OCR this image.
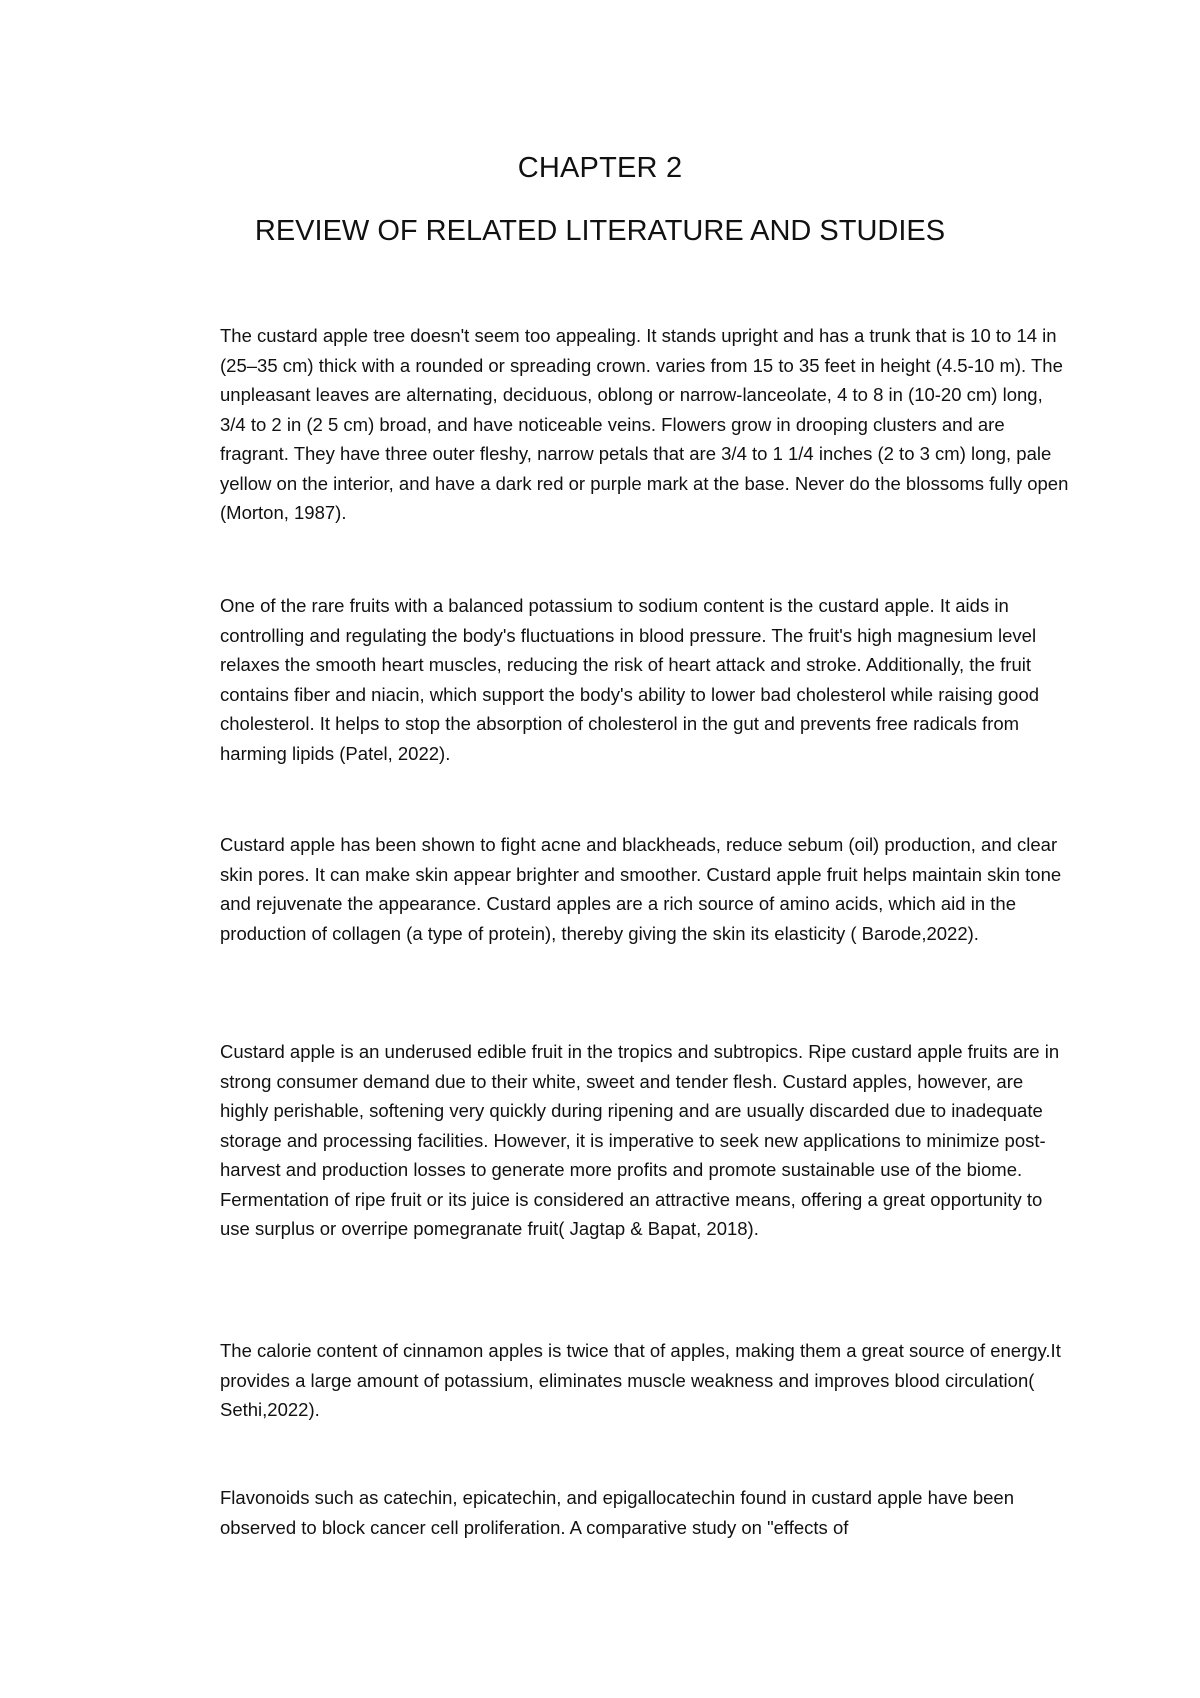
CHAPTER 2
REVIEW OF RELATED LITERATURE AND STUDIES

The custard apple tree doesn't seem too appealing. It stands upright and has a trunk that is 10 to 14 in (25–35 cm) thick with a rounded or spreading crown. varies from 15 to 35 feet in height (4.5-10 m). The unpleasant leaves are alternating, deciduous, oblong or narrow-lanceolate, 4 to 8 in (10-20 cm) long, 3/4 to 2 in (2 5 cm) broad, and have noticeable veins. Flowers grow in drooping clusters and are fragrant. They have three outer fleshy, narrow petals that are 3/4 to 1 1/4 inches (2 to 3 cm) long, pale yellow on the interior, and have a dark red or purple mark at the base. Never do the blossoms fully open (Morton, 1987).

One of the rare fruits with a balanced potassium to sodium content is the custard apple. It aids in controlling and regulating the body's fluctuations in blood pressure. The fruit's high magnesium level relaxes the smooth heart muscles, reducing the risk of heart attack and stroke. Additionally, the fruit contains fiber and niacin, which support the body's ability to lower bad cholesterol while raising good cholesterol. It helps to stop the absorption of cholesterol in the gut and prevents free radicals from harming lipids (Patel, 2022).

Custard apple has been shown to fight acne and blackheads, reduce sebum (oil) production, and clear skin pores. It can make skin appear brighter and smoother. Custard apple fruit helps maintain skin tone and rejuvenate the appearance. Custard apples are a rich source of amino acids, which aid in the production of collagen (a type of protein), thereby giving the skin its elasticity ( Barode,2022).

Custard apple is an underused edible fruit in the tropics and subtropics. Ripe custard apple fruits are in strong consumer demand due to their white, sweet and tender flesh. Custard apples, however, are highly perishable, softening very quickly during ripening and are usually discarded due to inadequate storage and processing facilities. However, it is imperative to seek new applications to minimize post-harvest and production losses to generate more profits and promote sustainable use of the biome. Fermentation of ripe fruit or its juice is considered an attractive means, offering a great opportunity to use surplus or overripe pomegranate fruit( Jagtap & Bapat, 2018).

The calorie content of cinnamon apples is twice that of apples, making them a great source of energy.It provides a large amount of potassium, eliminates muscle weakness and improves blood circulation( Sethi,2022).

Flavonoids such as catechin, epicatechin, and epigallocatechin found in custard apple have been observed to block cancer cell proliferation. A comparative study on "effects of
